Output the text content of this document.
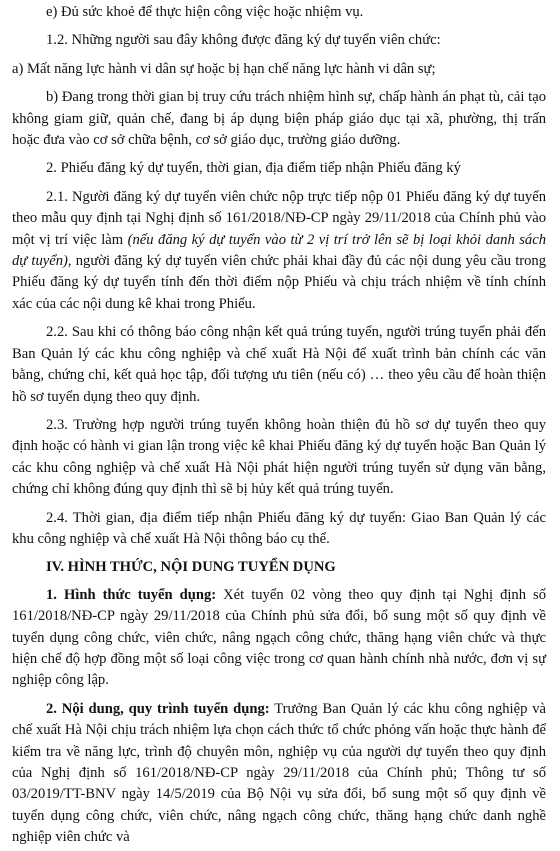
e) Đủ sức khoẻ để thực hiện công việc hoặc nhiệm vụ.

1.2. Những người sau đây không được đăng ký dự tuyển viên chức:

a) Mất năng lực hành vi dân sự hoặc bị hạn chế năng lực hành vi dân sự;

b) Đang trong thời gian bị truy cứu trách nhiệm hình sự, chấp hành án phạt tù, cải tạo không giam giữ, quản chế, đang bị áp dụng biện pháp giáo dục tại xã, phường, thị trấn hoặc đưa vào cơ sở chữa bệnh, cơ sở giáo dục, trường giáo dưỡng.

2. Phiếu đăng ký dự tuyển, thời gian, địa điểm tiếp nhận Phiếu đăng ký

2.1. Người đăng ký dự tuyển viên chức nộp trực tiếp nộp 01 Phiếu đăng ký dự tuyển theo mẫu quy định tại Nghị định số 161/2018/NĐ-CP ngày 29/11/2018 của Chính phủ vào một vị trí việc làm (nếu đăng ký dự tuyển vào từ 2 vị trí trở lên sẽ bị loại khỏi danh sách dự tuyển), người đăng ký dự tuyển viên chức phải khai đầy đủ các nội dung yêu cầu trong Phiếu đăng ký dự tuyển tính đến thời điểm nộp Phiếu và chịu trách nhiệm về tính chính xác của các nội dung kê khai trong Phiếu.

2.2. Sau khi có thông báo công nhận kết quả trúng tuyển, người trúng tuyển phải đến Ban Quản lý các khu công nghiệp và chế xuất Hà Nội để xuất trình bản chính các văn bằng, chứng chỉ, kết quả học tập, đối tượng ưu tiên (nếu có) … theo yêu cầu để hoàn thiện hồ sơ tuyển dụng theo quy định.

2.3. Trường hợp người trúng tuyển không hoàn thiện đủ hồ sơ dự tuyển theo quy định hoặc có hành vi gian lận trong việc kê khai Phiếu đăng ký dự tuyển hoặc Ban Quản lý các khu công nghiệp và chế xuất Hà Nội phát hiện người trúng tuyển sử dụng văn bằng, chứng chỉ không đúng quy định thì sẽ bị hủy kết quả trúng tuyển.

2.4. Thời gian, địa điểm tiếp nhận Phiếu đăng ký dự tuyển: Giao Ban Quản lý các khu công nghiệp và chế xuất Hà Nội thông báo cụ thể.

IV. HÌNH THỨC, NỘI DUNG TUYỂN DỤNG

1. Hình thức tuyển dụng: Xét tuyển 02 vòng theo quy định tại Nghị định số 161/2018/NĐ-CP ngày 29/11/2018 của Chính phủ sửa đổi, bổ sung một số quy định về tuyển dụng công chức, viên chức, nâng ngạch công chức, thăng hạng viên chức và thực hiện chế độ hợp đồng một số loại công việc trong cơ quan hành chính nhà nước, đơn vị sự nghiệp công lập.

2. Nội dung, quy trình tuyển dụng: Trưởng Ban Quản lý các khu công nghiệp và chế xuất Hà Nội chịu trách nhiệm lựa chọn cách thức tổ chức phỏng vấn hoặc thực hành để kiểm tra về năng lực, trình độ chuyên môn, nghiệp vụ của người dự tuyển theo quy định của Nghị định số 161/2018/NĐ-CP ngày 29/11/2018 của Chính phủ; Thông tư số 03/2019/TT-BNV ngày 14/5/2019 của Bộ Nội vụ sửa đổi, bổ sung một số quy định về tuyển dụng công chức, viên chức, nâng ngạch công chức, thăng hạng chức danh nghề nghiệp viên chức và
